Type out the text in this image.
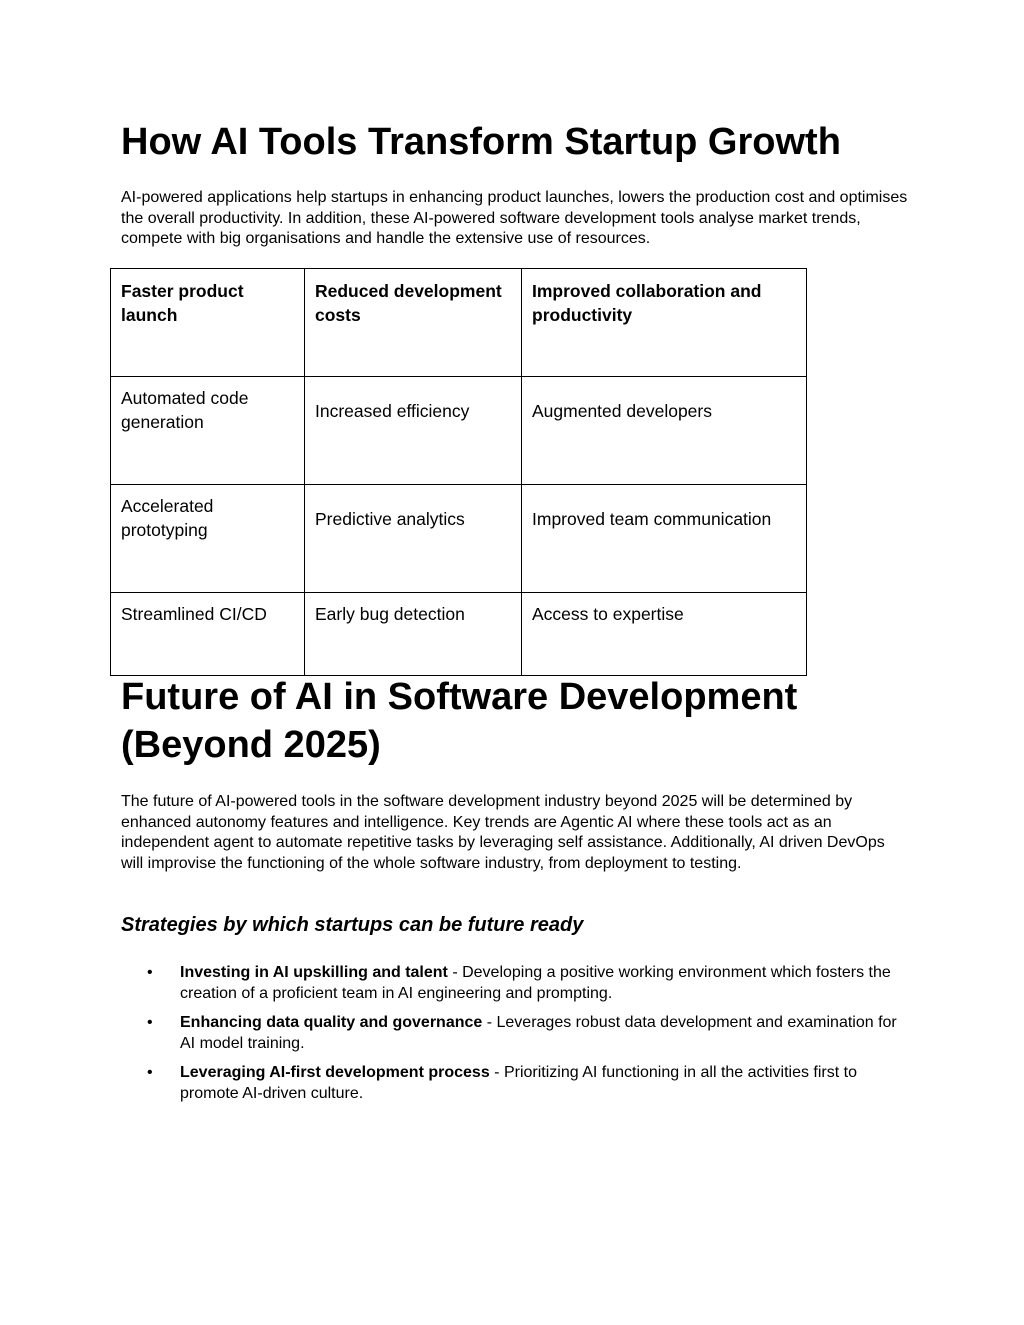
How AI Tools Transform Startup Growth

AI-powered applications help startups in enhancing product launches, lowers the production cost and optimises the overall productivity. In addition, these AI-powered software development tools analyse market trends, compete with big organisations and handle the extensive use of resources.

Faster product launch	Reduced development costs	Improved collaboration and productivity
Automated code generation	Increased efficiency	Augmented developers
Accelerated prototyping	Predictive analytics	Improved team communication
Streamlined CI/CD	Early bug detection	Access to expertise
Future of AI in Software Development (Beyond 2025)

The future of AI-powered tools in the software development industry beyond 2025 will be determined by enhanced autonomy features and intelligence. Key trends are Agentic AI where these tools act as an independent agent to automate repetitive tasks by leveraging self assistance. Additionally, AI driven DevOps will improvise the functioning of the whole software industry, from deployment to testing.

Strategies by which startups can be future ready
• Investing in AI upskilling and talent - Developing a positive working environment which fosters the creation of a proficient team in AI engineering and prompting.
• Enhancing data quality and governance - Leverages robust data development and examination for AI model training.
• Leveraging AI-first development process - Prioritizing AI functioning in all the activities first to promote AI-driven culture.
